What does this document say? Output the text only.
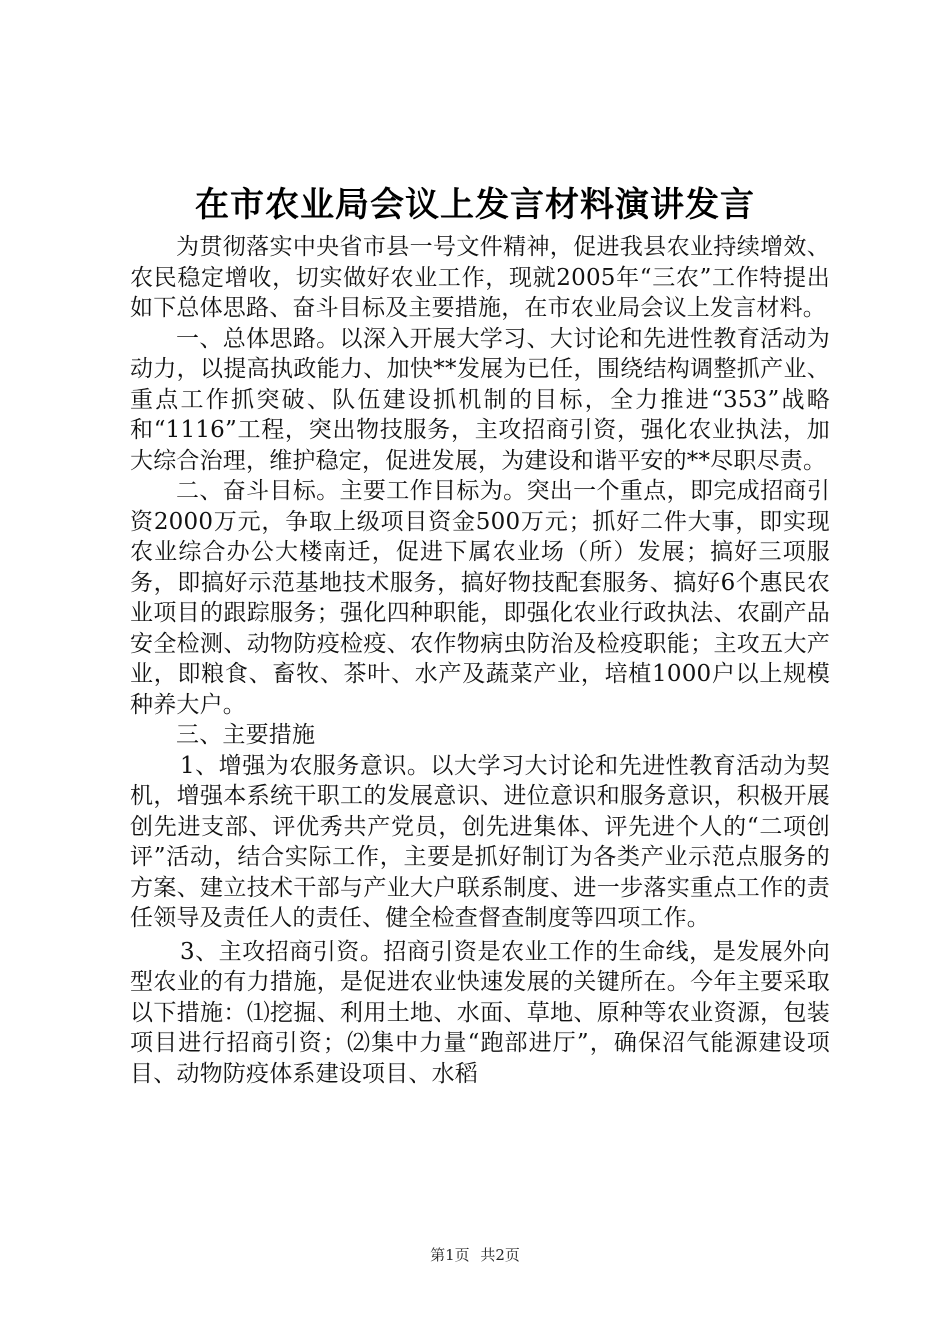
在市农业局会议上发言材料演讲发言

为贯彻落实中央省市县一号文件精神，促进我县农业持续增效、农民稳定增收，切实做好农业工作，现就2005年“三农”工作特提出如下总体思路、奋斗目标及主要措施，在市农业局会议上发言材料。

一、总体思路。以深入开展大学习、大讨论和先进性教育活动为动力，以提高执政能力、加快**发展为已任，围绕结构调整抓产业、重点工作抓突破、队伍建设抓机制的目标，全力推进“353”战略和“1116”工程，突出物技服务，主攻招商引资，强化农业执法，加大综合治理，维护稳定，促进发展，为建设和谐平安的**尽职尽责。

二、奋斗目标。主要工作目标为。突出一个重点，即完成招商引资2000万元，争取上级项目资金500万元；抓好二件大事，即实现农业综合办公大楼南迁，促进下属农业场（所）发展；搞好三项服务，即搞好示范基地技术服务，搞好物技配套服务、搞好6个惠民农业项目的跟踪服务；强化四种职能，即强化农业行政执法、农副产品安全检测、动物防疫检疫、农作物病虫防治及检疫职能；主攻五大产业，即粮食、畜牧、茶叶、水产及蔬菜产业，培植1000户以上规模种养大户。

三、主要措施

1、增强为农服务意识。以大学习大讨论和先进性教育活动为契机，增强本系统干职工的发展意识、进位意识和服务意识，积极开展创先进支部、评优秀共产党员，创先进集体、评先进个人的“二项创评”活动，结合实际工作，主要是抓好制订为各类产业示范点服务的方案、建立技术干部与产业大户联系制度、进一步落实重点工作的责任领导及责任人的责任、健全检查督查制度等四项工作。

3、主攻招商引资。招商引资是农业工作的生命线，是发展外向型农业的有力措施，是促进农业快速发展的关键所在。今年主要采取以下措施：⑴挖掘、利用土地、水面、草地、原种等农业资源，包装项目进行招商引资；⑵集中力量“跑部进厅”，确保沼气能源建设项目、动物防疫体系建设项目、水稻

第1页 共2页
